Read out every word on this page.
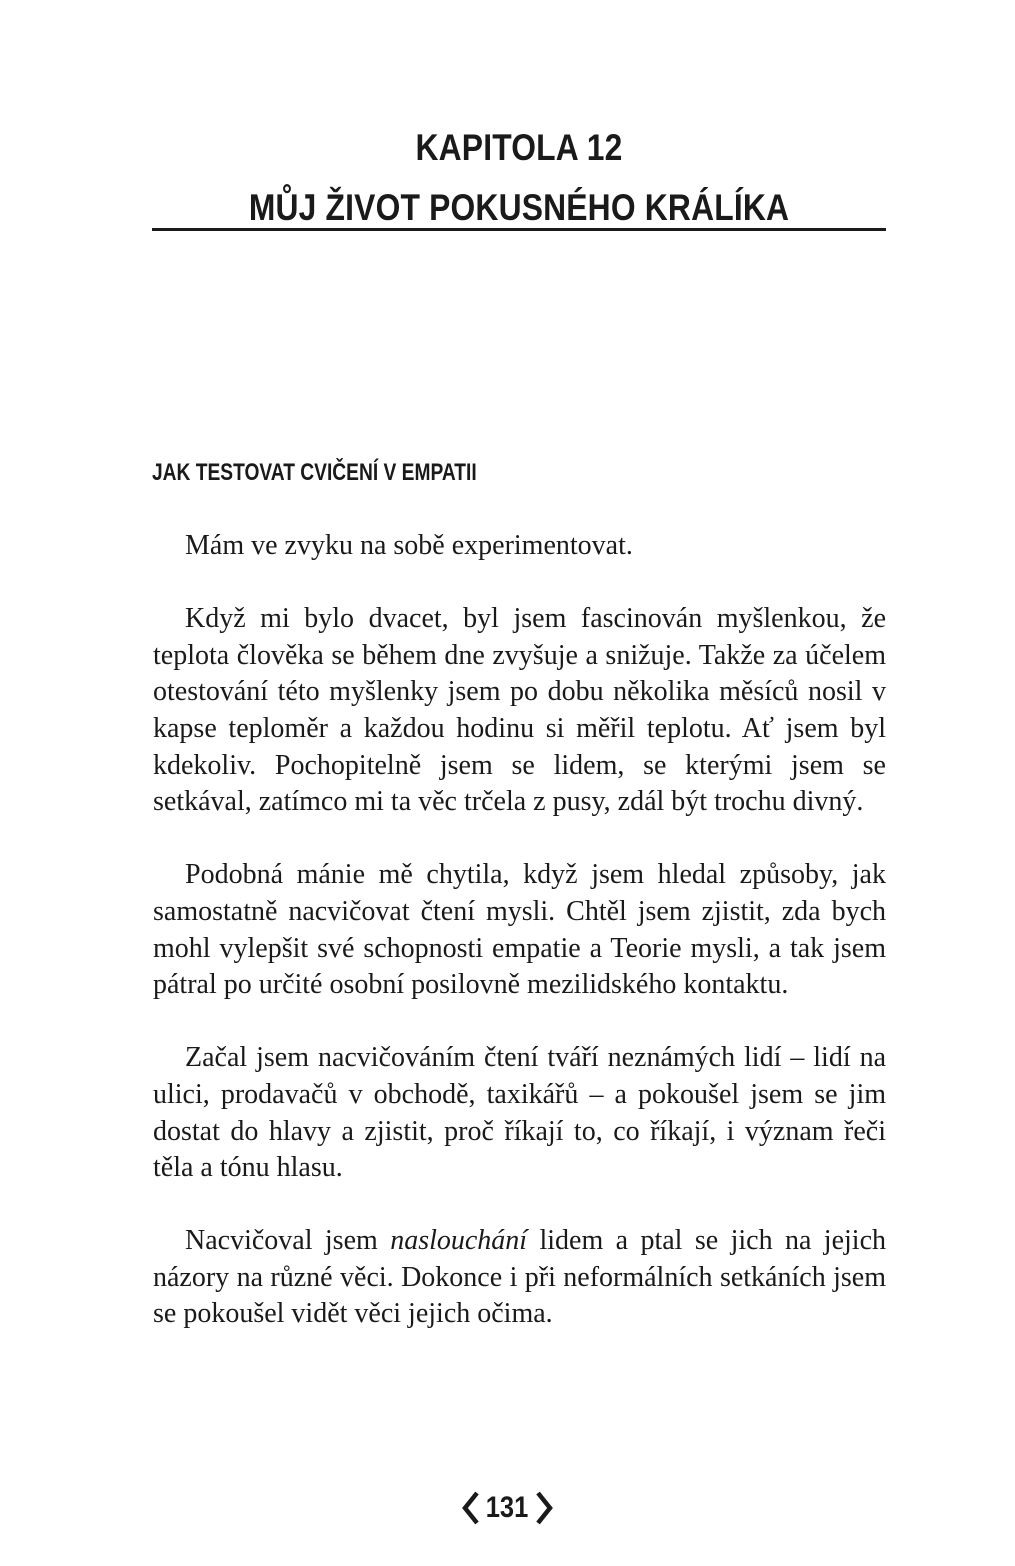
KAPITOLA 12
MŮJ ŽIVOT POKUSNÉHO KRÁLÍKA
JAK TESTOVAT CVIČENÍ V EMPATII

Mám ve zvyku na sobě experimentovat.

Když mi bylo dvacet, byl jsem fascinován myšlenkou, že teplota člověka se během dne zvyšuje a snižuje. Takže za účelem otestování této myšlenky jsem po dobu několika měsíců nosil v kapse teploměr a každou hodinu si měřil teplotu. Ať jsem byl kdekoliv. Pochopitelně jsem se lidem, se kterými jsem se setkával, zatímco mi ta věc trčela z pusy, zdál být trochu divný.

Podobná mánie mě chytila, když jsem hledal způsoby, jak samostatně nacvičovat čtení mysli. Chtěl jsem zjistit, zda bych mohl vylepšit své schopnosti empatie a Teorie mysli, a tak jsem pátral po určité osobní posilovně mezilidského kontaktu.

Začal jsem nacvičováním čtení tváří neznámých lidí – lidí na ulici, prodavačů v obchodě, taxikářů – a pokoušel jsem se jim dostat do hlavy a zjistit, proč říkají to, co říkají, i význam řeči těla a tónu hlasu.

Nacvičoval jsem naslouchání lidem a ptal se jich na jejich názory na různé věci. Dokonce i při neformálních setkáních jsem se pokoušel vidět věci jejich očima.

131
